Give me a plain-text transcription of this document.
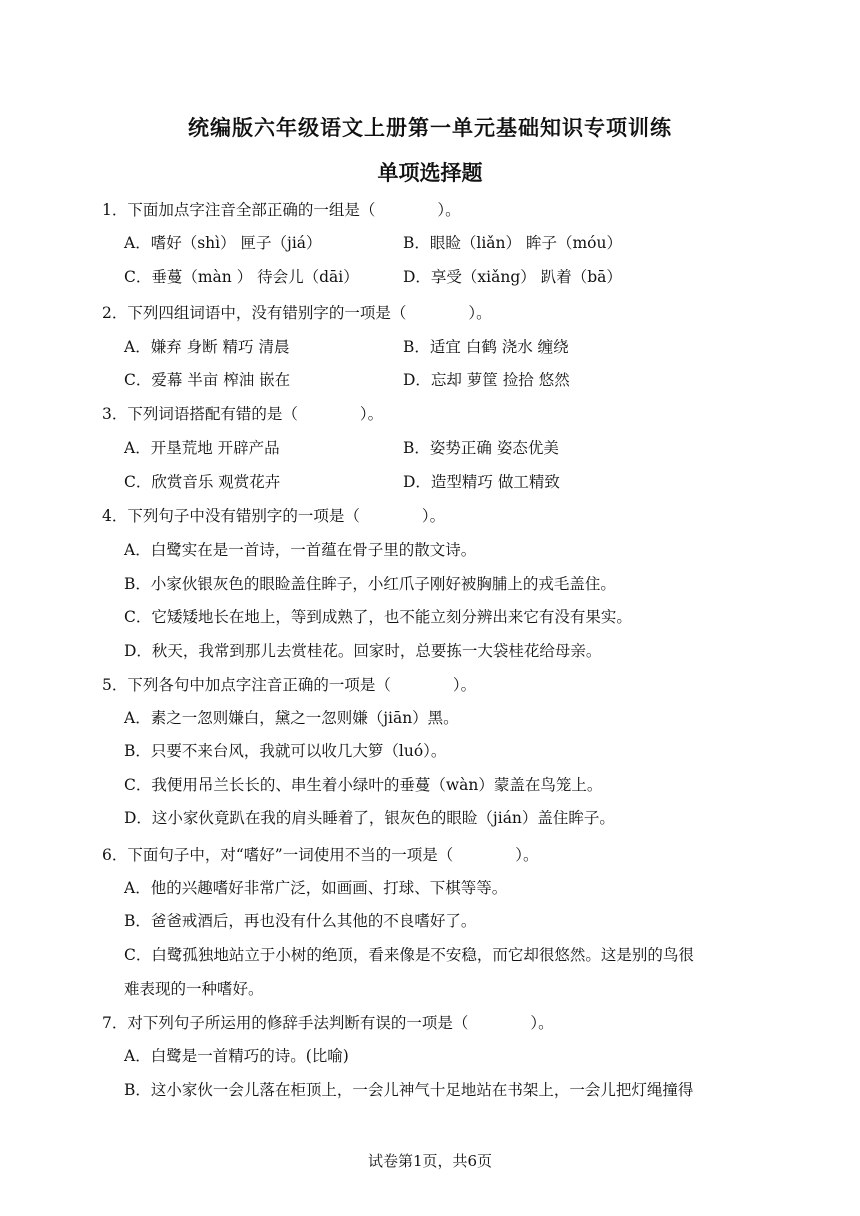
统编版六年级语文上册第一单元基础知识专项训练
单项选择题
1．下面加点字注音全部正确的一组是（　　　　）。
A．嗜好（shì） 匣子（jiá）	B．眼睑（liǎn） 眸子（móu）
C．垂蔓（màn ） 待会儿（dāi）	D．享受（xiǎng） 趴着（bā）
2．下列四组词语中，没有错别字的一项是（　　　　）。
A．嫌弃 身断 精巧 清晨	B．适宜 白鹤 浇水 缠绕
C．爱幕 半亩 榨油 嵌在	D．忘却 萝筐 捡拾 悠然
3．下列词语搭配有错的是（　　　　）。
A．开垦荒地 开辟产品	B．姿势正确 姿态优美
C．欣赏音乐 观赏花卉	D．造型精巧 做工精致
4．下列句子中没有错别字的一项是（　　　　）。
A．白鹭实在是一首诗，一首蕴在骨子里的散文诗。
B．小家伙银灰色的眼睑盖住眸子，小红爪子刚好被胸脯上的戎毛盖住。
C．它矮矮地长在地上，等到成熟了，也不能立刻分辨出来它有没有果实。
D．秋天，我常到那儿去赏桂花。回家时，总要拣一大袋桂花给母亲。
5．下列各句中加点字注音正确的一项是（　　　　）。
A．素之一忽则嫌白，黛之一忽则嫌（jiān）黑。
B．只要不来台风，我就可以收几大箩（luó）。
C．我便用吊兰长长的、串生着小绿叶的垂蔓（wàn）蒙盖在鸟笼上。
D．这小家伙竟趴在我的肩头睡着了，银灰色的眼睑（jián）盖住眸子。
6．下面句子中，对“嗜好”一词使用不当的一项是（　　　　）。
A．他的兴趣嗜好非常广泛，如画画、打球、下棋等等。
B．爸爸戒酒后，再也没有什么其他的不良嗜好了。
C．白鹭孤独地站立于小树的绝顶，看来像是不安稳，而它却很悠然。这是别的鸟很
难表现的一种嗜好。
7．对下列句子所运用的修辞手法判断有误的一项是（　　　　）。
A．白鹭是一首精巧的诗。(比喻)
B．这小家伙一会儿落在柜顶上，一会儿神气十足地站在书架上，一会儿把灯绳撞得
试卷第1页，共6页
